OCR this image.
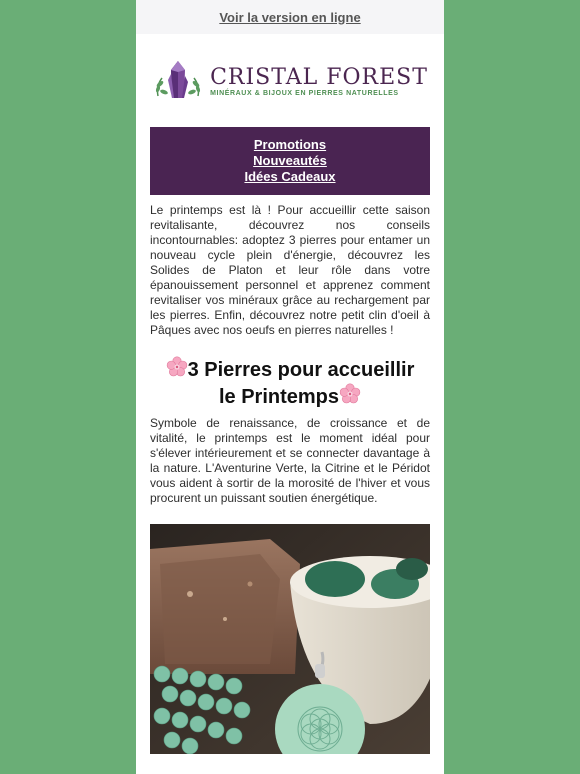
Voir la version en ligne
CRISTAL FOREST
MINÉRAUX & BIJOUX EN PIERRES NATURELLES
Promotions
Nouveautés
Idées Cadeaux

Le printemps est là ! Pour accueillir cette saison revitalisante, découvrez nos conseils incontournables: adoptez 3 pierres pour entamer un nouveau cycle plein d'énergie, découvrez les Solides de Platon et leur rôle dans votre épanouissement personnel et apprenez comment revitaliser vos minéraux grâce au rechargement par les pierres. Enfin, découvrez notre petit clin d'oeil à Pâques avec nos oeufs en pierres naturelles !

3 Pierres pour accueillir
le Printemps

Symbole de renaissance, de croissance et de vitalité, le printemps est le moment idéal pour s'élever intérieurement et se connecter davantage à la nature. L'Aventurine Verte, la Citrine et le Péridot vous aident à sortir de la morosité de l'hiver et vous procurent un puissant soutien énergétique.
